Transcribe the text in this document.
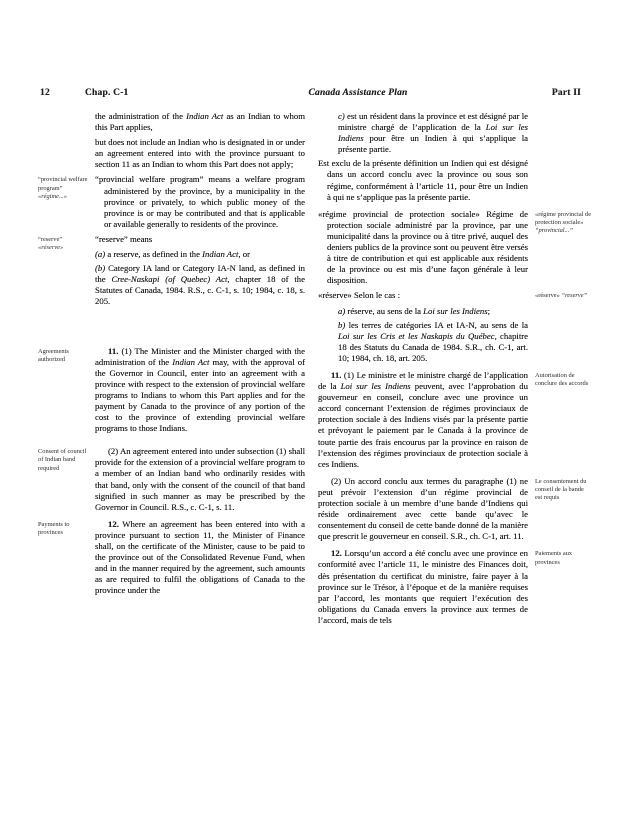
12	Chap. C-1	Canada Assistance Plan	Part II

the administration of the Indian Act as an Indian to whom this Part applies,

but does not include an Indian who is designated in or under an agreement entered into with the province pursuant to section 11 as an Indian to whom this Part does not apply;

“provincial welfare program” «régime...»

“provincial welfare program” means a welfare program administered by the province, by a municipality in the province or privately, to which public money of the province is or may be contributed and that is applicable or available generally to residents of the province.

“reserve” «réserve»

“reserve” means

(a) a reserve, as defined in the Indian Act, or

(b) Category IA land or Category IA-N land, as defined in the Cree-Naskapi (of Quebec) Act, chapter 18 of the Statutes of Canada, 1984. R.S., c. C-1, s. 10; 1984, c. 18, s. 205.

Agreements authorized

11. (1) The Minister and the Minister charged with the administration of the Indian Act may, with the approval of the Governor in Council, enter into an agreement with a province with respect to the extension of provincial welfare programs to Indians to whom this Part applies and for the payment by Canada to the province of any portion of the cost to the province of extending provincial welfare programs to those Indians.

Consent of council of Indian band required

(2) An agreement entered into under subsection (1) shall provide for the extension of a provincial welfare program to a member of an Indian band who ordinarily resides with that band, only with the consent of the council of that band signified in such manner as may be prescribed by the Governor in Council. R.S., c. C-1, s. 11.

Payments to provinces

12. Where an agreement has been entered into with a province pursuant to section 11, the Minister of Finance shall, on the certificate of the Minister, cause to be paid to the province out of the Consolidated Revenue Fund, when and in the manner required by the agreement, such amounts as are required to fulfil the obligations of Canada to the province under the

c) est un résident dans la province et est désigné par le ministre chargé de l’application de la Loi sur les Indiens pour être un Indien à qui s’applique la présente partie.

Est exclu de la présente définition un Indien qui est désigné dans un accord conclu avec la province ou sous son régime, conformément à l’article 11, pour être un Indien à qui ne s’applique pas la présente partie.

«régime provincial de protection sociale» “provincial...”

«régime provincial de protection sociale» Régime de protection sociale administré par la province, par une municipalité dans la province ou à titre privé, auquel des deniers publics de la province sont ou peuvent être versés à titre de contribution et qui est applicable aux résidents de la province ou est mis d’une façon générale à leur disposition.

«réserve» “reserve”

«réserve» Selon le cas :

a) réserve, au sens de la Loi sur les Indiens;

b) les terres de catégories IA et IA-N, au sens de la Loi sur les Cris et les Naskapis du Québec, chapitre 18 des Statuts du Canada de 1984. S.R., ch. C-1, art. 10; 1984, ch. 18, art. 205.

Autorisation de conclure des accords

11. (1) Le ministre et le ministre chargé de l’application de la Loi sur les Indiens peuvent, avec l’approbation du gouverneur en conseil, conclure avec une province un accord concernant l’extension de régimes provinciaux de protection sociale à des Indiens visés par la présente partie et prévoyant le paiement par le Canada à la province de toute partie des frais encourus par la province en raison de l’extension des régimes provinciaux de protection sociale à ces Indiens.

Le consentement du conseil de la bande est requis

(2) Un accord conclu aux termes du paragraphe (1) ne peut prévoir l’extension d’un régime provincial de protection sociale à un membre d’une bande d’Indiens qui réside ordinairement avec cette bande qu’avec le consentement du conseil de cette bande donné de la manière que prescrit le gouverneur en conseil. S.R., ch. C-1, art. 11.

Paiements aux provinces

12. Lorsqu’un accord a été conclu avec une province en conformité avec l’article 11, le ministre des Finances doit, dès présentation du certificat du ministre, faire payer à la province sur le Trésor, à l’époque et de la manière requises par l’accord, les montants que requiert l’exécution des obligations du Canada envers la province aux termes de l’accord, mais de tels
